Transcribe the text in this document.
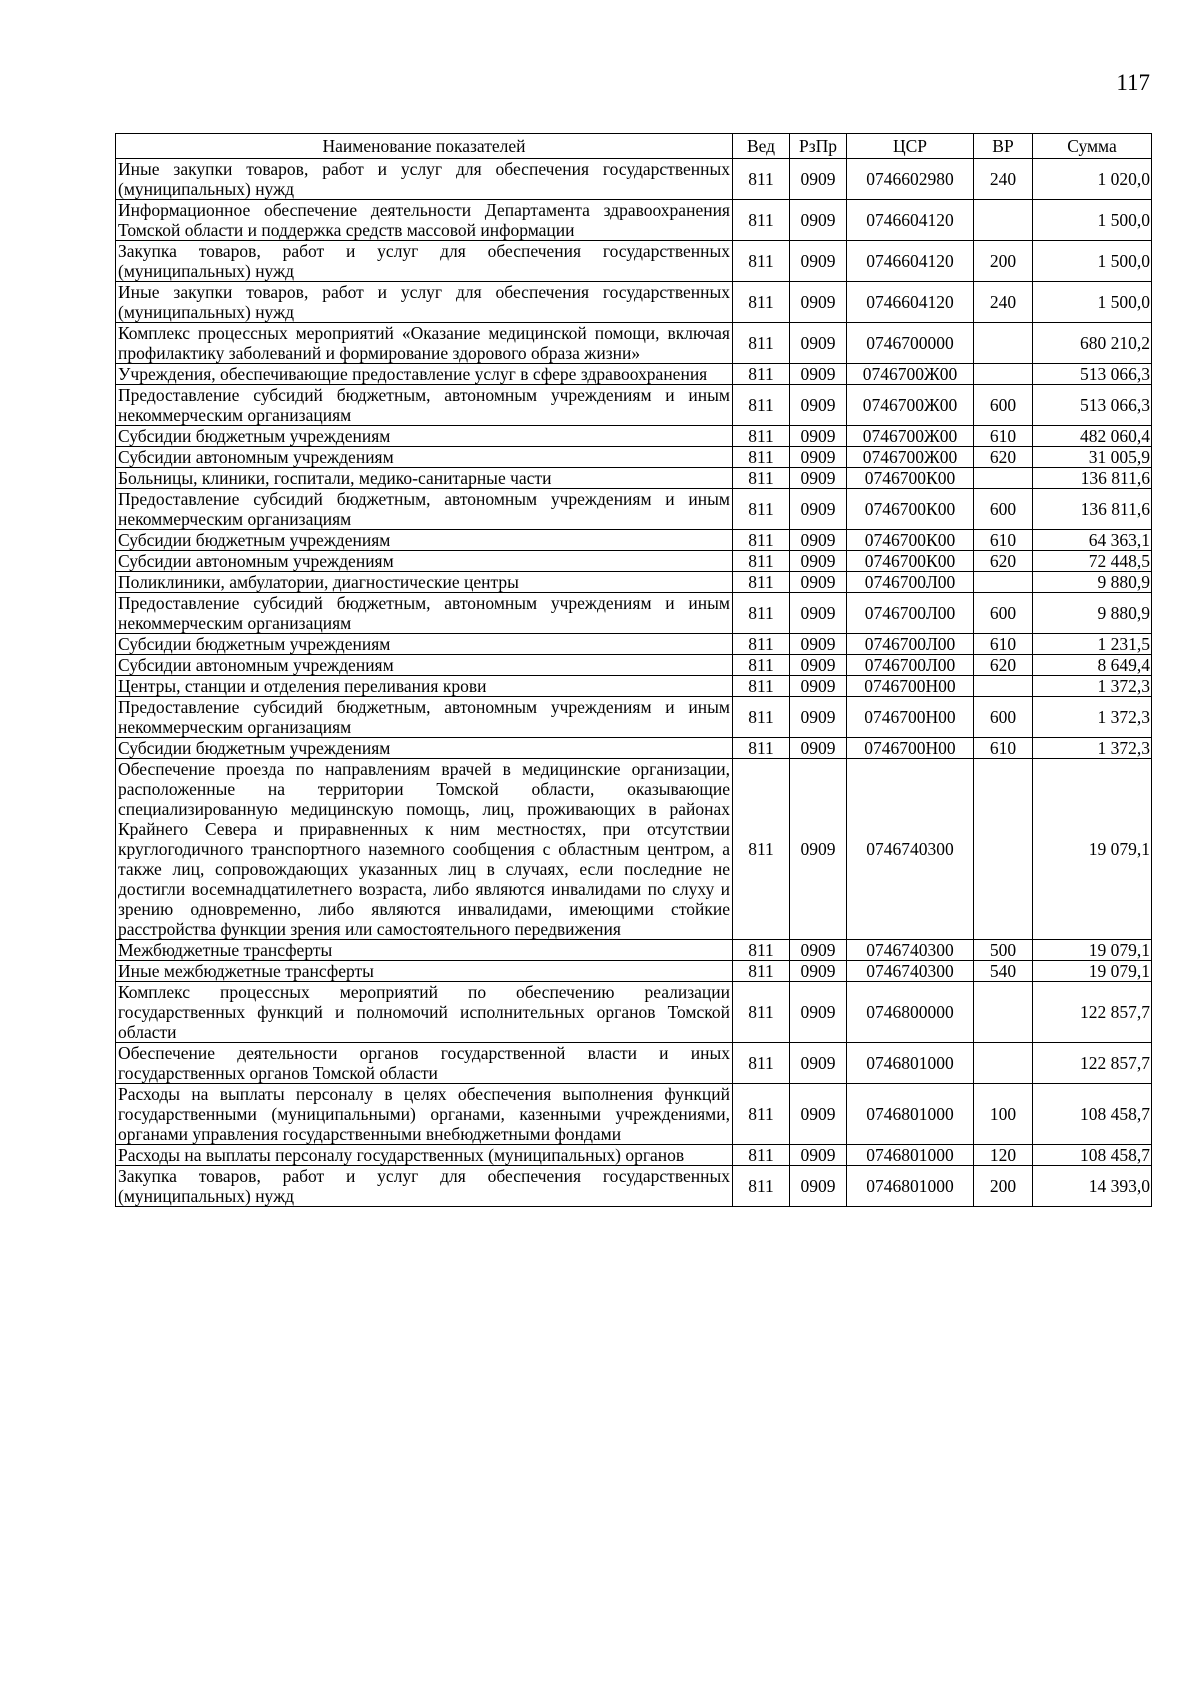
117
Наименование показателей	Вед	РзПр	ЦСР	ВР	Сумма
Иные закупки товаров, работ и услуг для обеспечения государственных (муниципальных) нужд	811	0909	0746602980	240	1 020,0
Информационное обеспечение деятельности Департамента здравоохранения Томской области и поддержка средств массовой информации	811	0909	0746604120		1 500,0
Закупка товаров, работ и услуг для обеспечения государственных (муниципальных) нужд	811	0909	0746604120	200	1 500,0
Иные закупки товаров, работ и услуг для обеспечения государственных (муниципальных) нужд	811	0909	0746604120	240	1 500,0
Комплекс процессных мероприятий «Оказание медицинской помощи, включая профилактику заболеваний и формирование здорового образа жизни»	811	0909	0746700000		680 210,2
Учреждения, обеспечивающие предоставление услуг в сфере здравоохранения	811	0909	0746700Ж00		513 066,3
Предоставление субсидий бюджетным, автономным учреждениям и иным некоммерческим организациям	811	0909	0746700Ж00	600	513 066,3
Субсидии бюджетным учреждениям	811	0909	0746700Ж00	610	482 060,4
Субсидии автономным учреждениям	811	0909	0746700Ж00	620	31 005,9
Больницы, клиники, госпитали, медико-санитарные части	811	0909	0746700К00		136 811,6
Предоставление субсидий бюджетным, автономным учреждениям и иным некоммерческим организациям	811	0909	0746700К00	600	136 811,6
Субсидии бюджетным учреждениям	811	0909	0746700К00	610	64 363,1
Субсидии автономным учреждениям	811	0909	0746700К00	620	72 448,5
Поликлиники, амбулатории, диагностические центры	811	0909	0746700Л00		9 880,9
Предоставление субсидий бюджетным, автономным учреждениям и иным некоммерческим организациям	811	0909	0746700Л00	600	9 880,9
Субсидии бюджетным учреждениям	811	0909	0746700Л00	610	1 231,5
Субсидии автономным учреждениям	811	0909	0746700Л00	620	8 649,4
Центры, станции и отделения переливания крови	811	0909	0746700Н00		1 372,3
Предоставление субсидий бюджетным, автономным учреждениям и иным некоммерческим организациям	811	0909	0746700Н00	600	1 372,3
Субсидии бюджетным учреждениям	811	0909	0746700Н00	610	1 372,3
Обеспечение проезда по направлениям врачей в медицинские организации, расположенные на территории Томской области, оказывающие специализированную медицинскую помощь, лиц, проживающих в районах Крайнего Севера и приравненных к ним местностях, при отсутствии круглогодичного транспортного наземного сообщения с областным центром, а также лиц, сопровождающих указанных лиц в случаях, если последние не достигли восемнадцатилетнего возраста, либо являются инвалидами по слуху и зрению одновременно, либо являются инвалидами, имеющими стойкие расстройства функции зрения или самостоятельного передвижения	811	0909	0746740300		19 079,1
Межбюджетные трансферты	811	0909	0746740300	500	19 079,1
Иные межбюджетные трансферты	811	0909	0746740300	540	19 079,1
Комплекс процессных мероприятий по обеспечению реализации государственных функций и полномочий исполнительных органов Томской области	811	0909	0746800000		122 857,7
Обеспечение деятельности органов государственной власти и иных государственных органов Томской области	811	0909	0746801000		122 857,7
Расходы на выплаты персоналу в целях обеспечения выполнения функций государственными (муниципальными) органами, казенными учреждениями, органами управления государственными внебюджетными фондами	811	0909	0746801000	100	108 458,7
Расходы на выплаты персоналу государственных (муниципальных) органов	811	0909	0746801000	120	108 458,7
Закупка товаров, работ и услуг для обеспечения государственных (муниципальных) нужд	811	0909	0746801000	200	14 393,0
